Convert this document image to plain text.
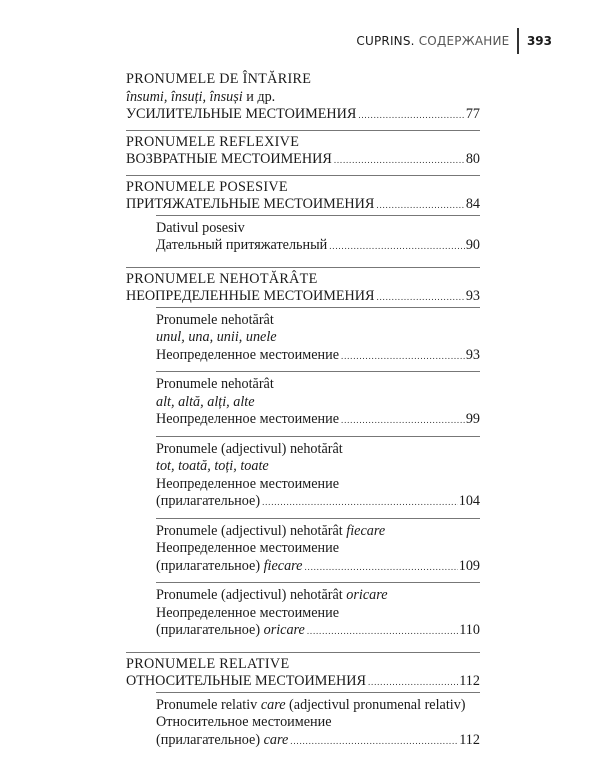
CUPRINS. СОДЕРЖАНИЕ	393
PRONUMELE DE ÎNTĂRIRE
însumi, însuți, însuși и др.
УСИЛИТЕЛЬНЫЕ МЕСТОИМЕНИЯ .....	77
PRONUMELE REFLEXIVE
ВОЗВРАТНЫЕ МЕСТОИМЕНИЯ .....	80
PRONUMELE POSESIVE
ПРИТЯЖАТЕЛЬНЫЕ МЕСТОИМЕНИЯ .....	84
Dativul posesiv
Дательный притяжательный .....	90
PRONUMELE NEHOTĂRÂTE
НЕОПРЕДЕЛЕННЫЕ МЕСТОИМЕНИЯ .....	93
Pronumele nehotărât
unul, una, unii, unele
Неопределенное местоимение .....	93
Pronumele nehotărât
alt, altă, alți, alte
Неопределенное местоимение .....	99
Pronumele (adjectivul) nehotărât
tot, toată, toți, toate
Неопределенное местоимение
(прилагательное) .....	104
Pronumele (adjectivul) nehotărât fiecare
Неопределенное местоимение
(прилагательное) fiecare .....	109
Pronumele (adjectivul) nehotărât oricare
Неопределенное местоимение
(прилагательное) oricare .....	110
PRONUMELE RELATIVE
ОТНОСИТЕЛЬНЫЕ МЕСТОИМЕНИЯ .....	112
Pronumele relativ care (adjectivul pronumenal relativ)
Относительное местоимение
(прилагательное) care .....	112
